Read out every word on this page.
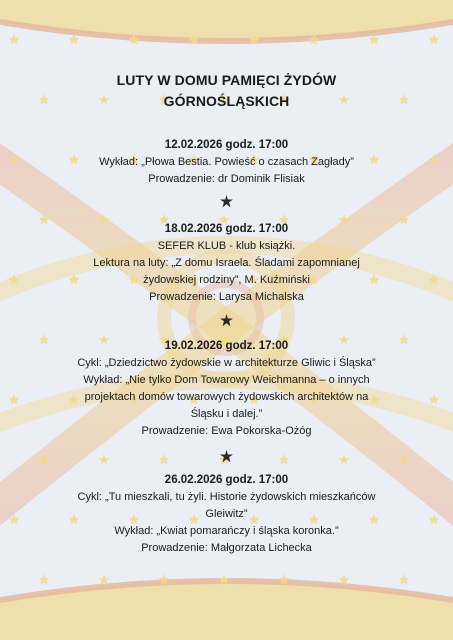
LUTY W DOMU PAMIĘCI ŻYDÓW
GÓRNOŚLĄSKICH
12.02.2026 godz. 17:00
Wykład: „Płowa Bestia. Powieść o czasach Zagłady”
Prowadzenie: dr Dominik Flisiak
18.02.2026 godz. 17:00
SEFER KLUB - klub książki.
Lektura na luty: „Z domu Israela. Śladami zapomnianej
żydowskiej rodziny”, M. Kuźmiński
Prowadzenie: Larysa Michalska
19.02.2026 godz. 17:00
Cykl: „Dziedzictwo żydowskie w architekturze Gliwic i Śląska”
Wykład: „Nie tylko Dom Towarowy Weichmanna – o innych
projektach domów towarowych żydowskich architektów na
Śląsku i dalej.”
Prowadzenie: Ewa Pokorska-Ożóg
26.02.2026 godz. 17:00
Cykl: „Tu mieszkali, tu żyli. Historie żydowskich mieszkańców
Gleiwitz”
Wykład: „Kwiat pomarańczy i śląska koronka.”
Prowadzenie: Małgorzata Lichecka
